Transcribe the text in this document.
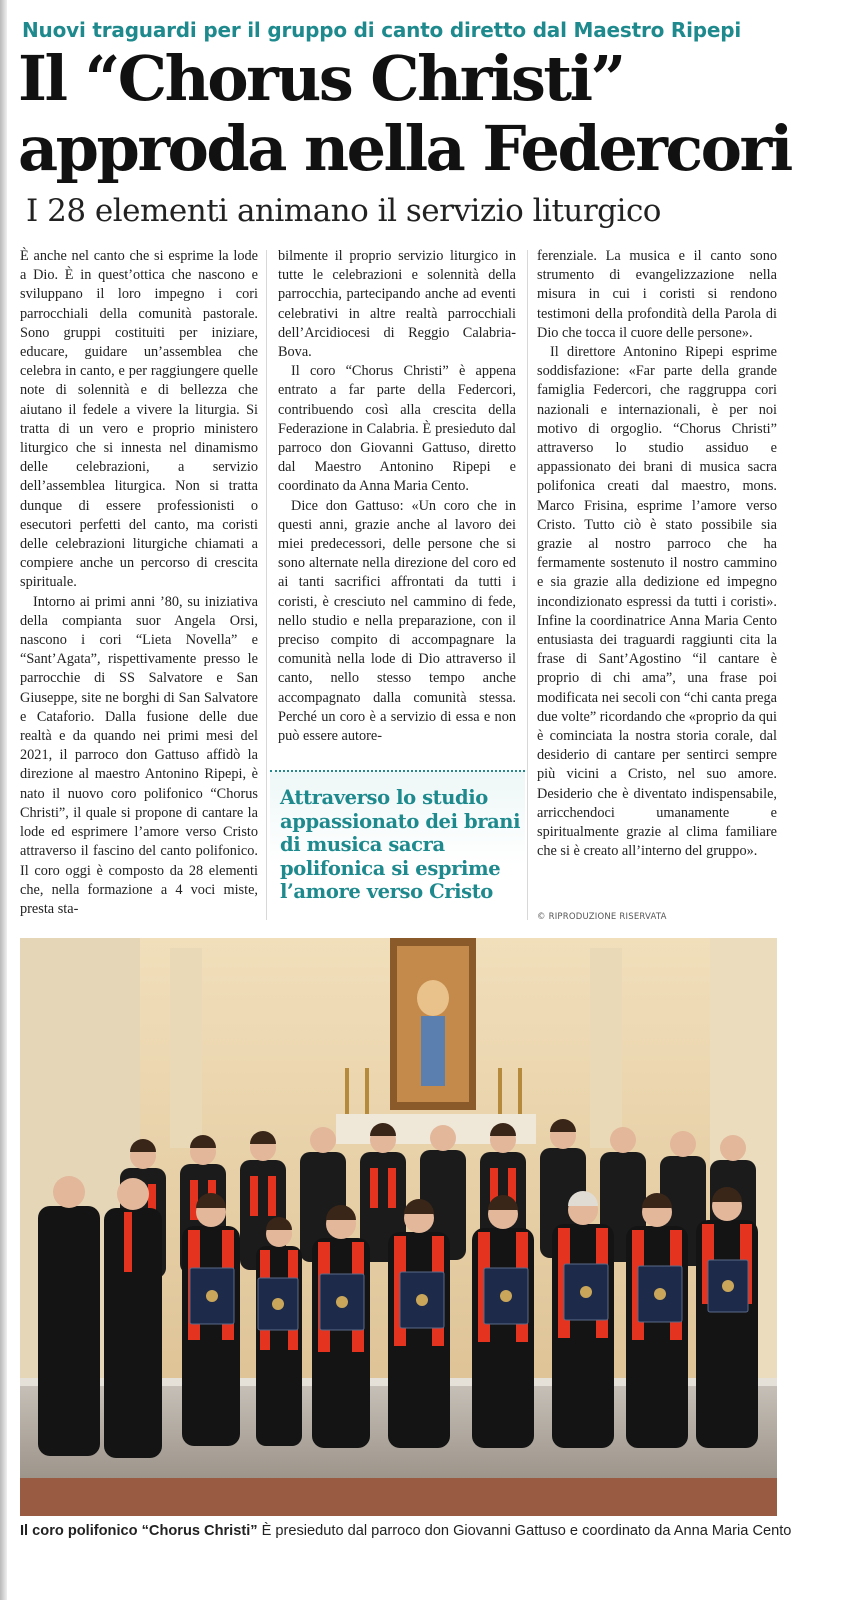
Nuovi traguardi per il gruppo di canto diretto dal Maestro Ripepi
Il “Chorus Christi”
approda nella Federcori
I 28 elementi animano il servizio liturgico

È anche nel canto che si esprime la lode a Dio. È in quest’ottica che nascono e sviluppano il loro impegno i cori parrocchiali della comunità pastorale. Sono gruppi costituiti per iniziare, educare, guidare un’assemblea che celebra in canto, e per raggiungere quelle note di solennità e di bellezza che aiutano il fedele a vivere la liturgia. Si tratta di un vero e proprio ministero liturgico che si innesta nel dinamismo delle celebrazioni, a servizio dell’assemblea liturgica. Non si tratta dunque di essere professionisti o esecutori perfetti del canto, ma coristi delle celebrazioni liturgiche chiamati a compiere anche un percorso di crescita spirituale.

Intorno ai primi anni ’80, su iniziativa della compianta suor Angela Orsi, nascono i cori “Lieta Novella” e “Sant’Agata”, rispettivamente presso le parrocchie di SS Salvatore e San Giuseppe, site ne borghi di San Salvatore e Cataforio. Dalla fusione delle due realtà e da quando nei primi mesi del 2021, il parroco don Gattuso affidò la direzione al maestro Antonino Ripepi, è nato il nuovo coro polifonico “Chorus Christi”, il quale si propone di cantare la lode ed esprimere l’amore verso Cristo attraverso il fascino del canto polifonico. Il coro oggi è composto da 28 elementi che, nella formazione a 4 voci miste, presta sta-

bilmente il proprio servizio liturgico in tutte le celebrazioni e solennità della parrocchia, partecipando anche ad eventi celebrativi in altre realtà parrocchiali dell’Arcidiocesi di Reggio Calabria-Bova.

Il coro “Chorus Christi” è appena entrato a far parte della Federcori, contribuendo così alla crescita della Federazione in Calabria. È presieduto dal parroco don Giovanni Gattuso, diretto dal Maestro Antonino Ripepi e coordinato da Anna Maria Cento.

Dice don Gattuso: «Un coro che in questi anni, grazie anche al lavoro dei miei predecessori, delle persone che si sono alternate nella direzione del coro ed ai tanti sacrifici affrontati da tutti i coristi, è cresciuto nel cammino di fede, nello studio e nella preparazione, con il preciso compito di accompagnare la comunità nella lode di Dio attraverso il canto, nello stesso tempo anche accompagnato dalla comunità stessa. Perché un coro è a servizio di essa e non può essere autore-

Attraverso lo studio
appassionato dei brani
di musica sacra
polifonica si esprime
l’amore verso Cristo

ferenziale. La musica e il canto sono strumento di evangelizzazione nella misura in cui i coristi si rendono testimoni della profondità della Parola di Dio che tocca il cuore delle persone».

Il direttore Antonino Ripepi esprime soddisfazione: «Far parte della grande famiglia Federcori, che raggruppa cori nazionali e internazionali, è per noi motivo di orgoglio. “Chorus Christi” attraverso lo studio assiduo e appassionato dei brani di musica sacra polifonica creati dal maestro, mons. Marco Frisina, esprime l’amore verso Cristo. Tutto ciò è stato possibile sia grazie al nostro parroco che ha fermamente sostenuto il nostro cammino e sia grazie alla dedizione ed impegno incondizionato espressi da tutti i coristi». Infine la coordinatrice Anna Maria Cento entusiasta dei traguardi raggiunti cita la frase di Sant’Agostino “il cantare è proprio di chi ama”, una frase poi modificata nei secoli con “chi canta prega due volte” ricordando che «proprio da qui è cominciata la nostra storia corale, dal desiderio di cantare per sentirci sempre più vicini a Cristo, nel suo amore. Desiderio che è diventato indispensabile, arricchendoci umanamente e spiritualmente grazie al clima familiare che si è creato all’interno del gruppo».

© RIPRODUZIONE RISERVATA
Il coro polifonico “Chorus Christi” È presieduto dal parroco don Giovanni Gattuso e coordinato da Anna Maria Cento
